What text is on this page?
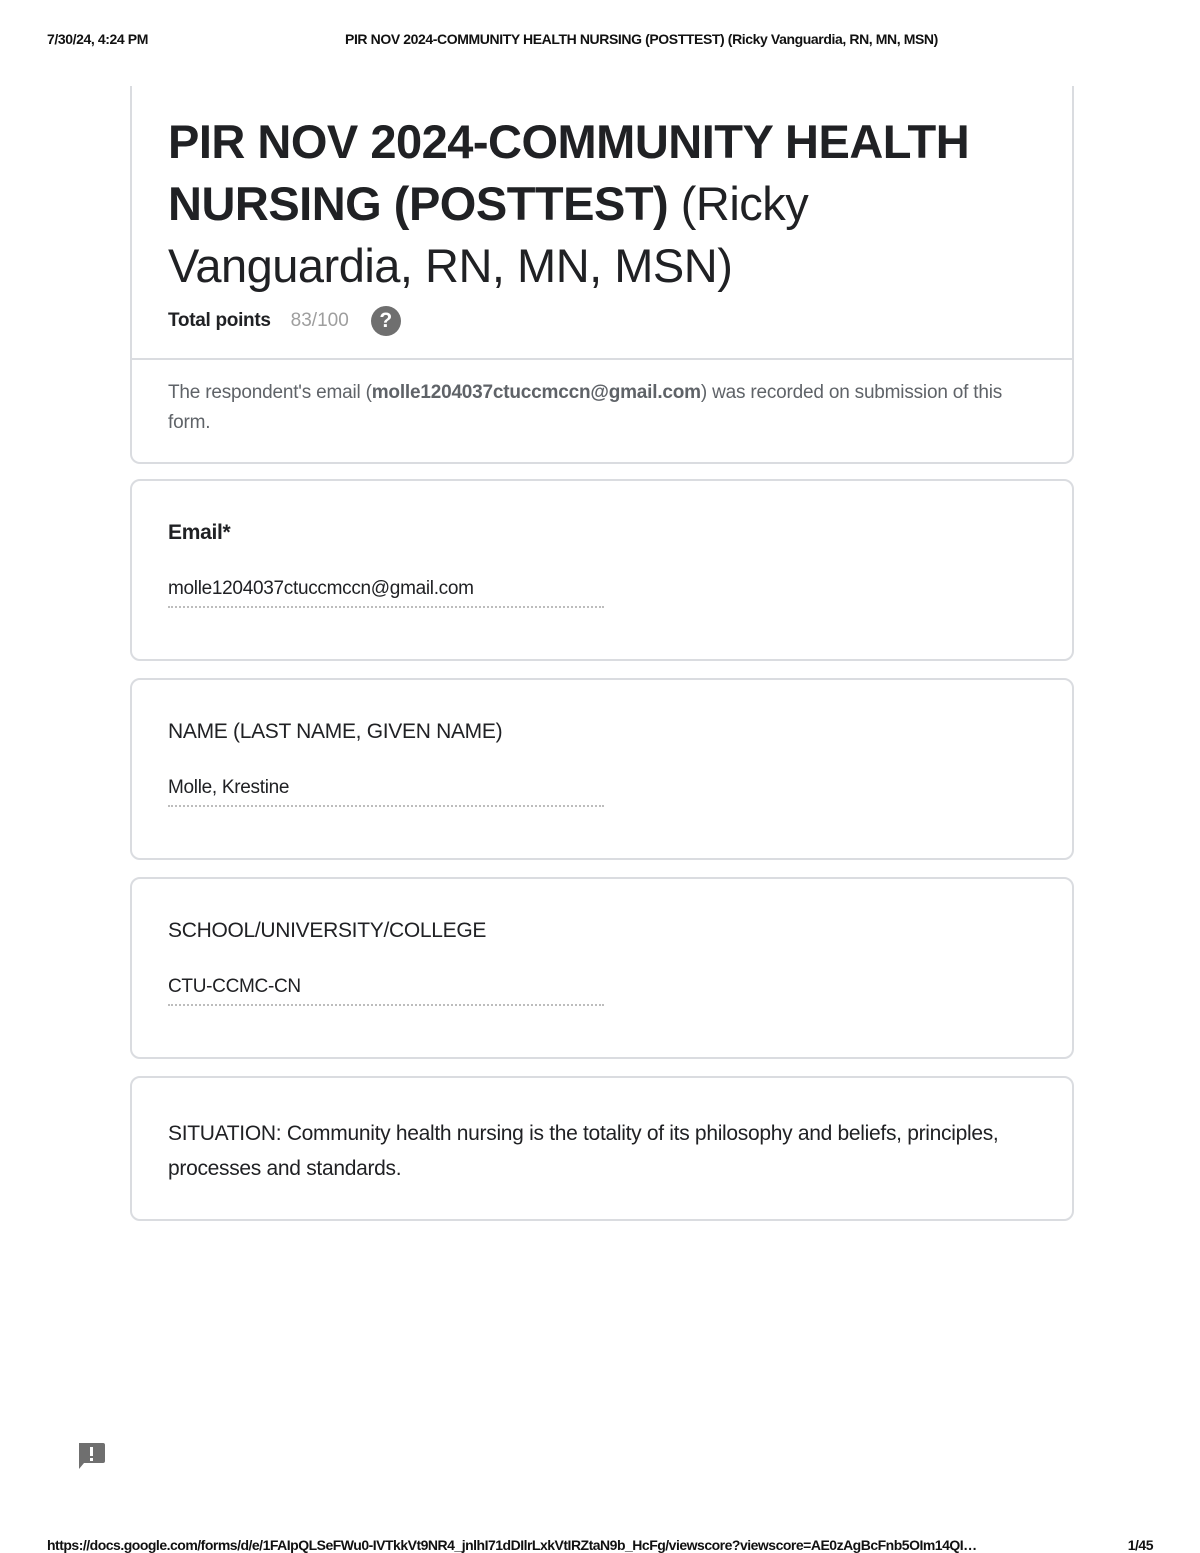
7/30/24, 4:24 PM	PIR NOV 2024-COMMUNITY HEALTH NURSING (POSTTEST) (Ricky Vanguardia, RN, MN, MSN)
PIR NOV 2024-COMMUNITY HEALTH NURSING (POSTTEST) (Ricky Vanguardia, RN, MN, MSN)
Total points 83/100	?
The respondent's email (molle1204037ctuccmccn@gmail.com) was recorded on submission of this form.
Email*
molle1204037ctuccmccn@gmail.com
NAME (LAST NAME, GIVEN NAME)
Molle, Krestine
SCHOOL/UNIVERSITY/COLLEGE
CTU-CCMC-CN
SITUATION: Community health nursing is the totality of its philosophy and beliefs, principles, processes and standards.
https://docs.google.com/forms/d/e/1FAIpQLSeFWu0-IVTkkVt9NR4_jnlhI71dDIlrLxkVtIRZtaN9b_HcFg/viewscore?viewscore=AE0zAgBcFnb5OIm14QI…	1/45
